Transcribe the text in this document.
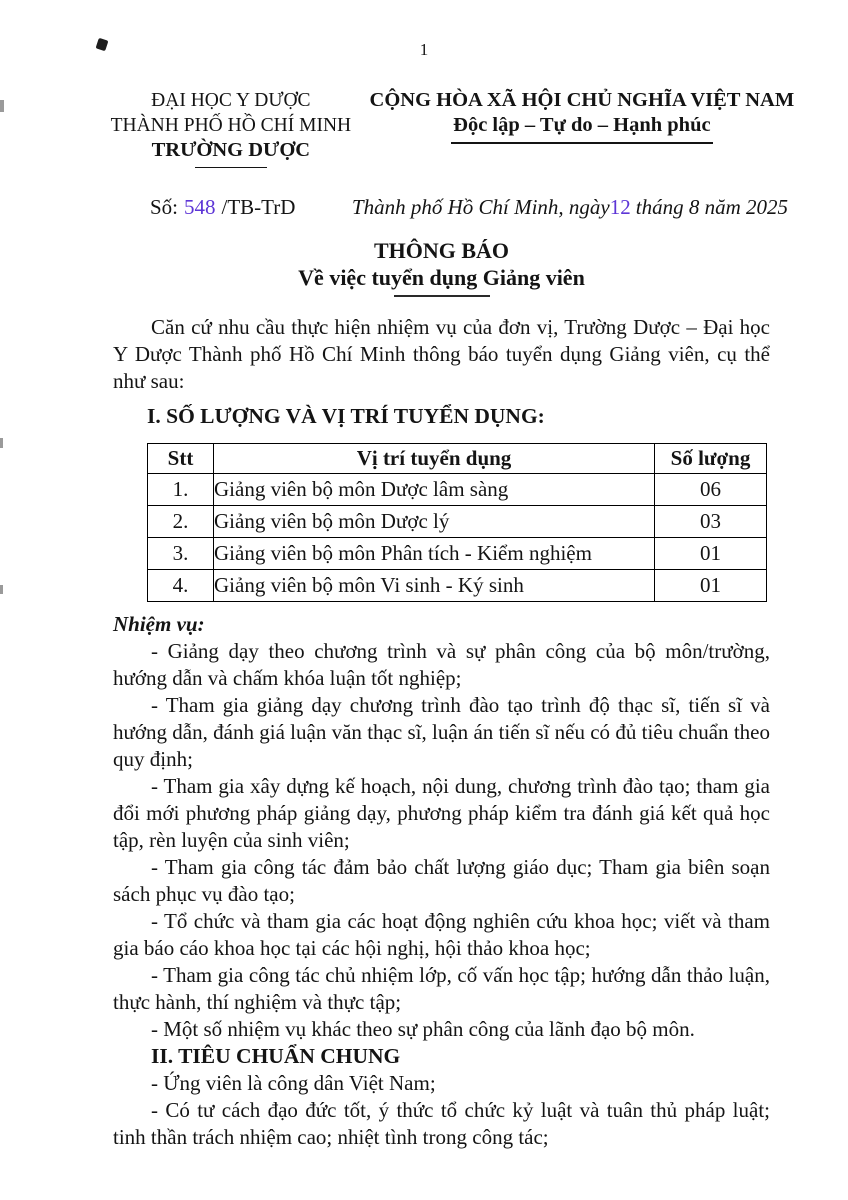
1
ĐẠI HỌC Y DƯỢC
THÀNH PHỐ HỒ CHÍ MINH
TRƯỜNG DƯỢC
CỘNG HÒA XÃ HỘI CHỦ NGHĨA VIỆT NAM
Độc lập – Tự do – Hạnh phúc
Số: 548 /TB-TrD	Thành phố Hồ Chí Minh, ngày12 tháng 8 năm 2025
THÔNG BÁO
Về việc tuyển dụng Giảng viên

Căn cứ nhu cầu thực hiện nhiệm vụ của đơn vị, Trường Dược – Đại học Y Dược Thành phố Hồ Chí Minh thông báo tuyển dụng Giảng viên, cụ thể như sau:

I. SỐ LƯỢNG VÀ VỊ TRÍ TUYỂN DỤNG:
Stt	Vị trí tuyển dụng	Số lượng
1.	Giảng viên bộ môn Dược lâm sàng	06
2.	Giảng viên bộ môn Dược lý	03
3.	Giảng viên bộ môn Phân tích - Kiểm nghiệm	01
4.	Giảng viên bộ môn Vi sinh - Ký sinh	01
Nhiệm vụ:

- Giảng dạy theo chương trình và sự phân công của bộ môn/trường, hướng dẫn và chấm khóa luận tốt nghiệp;

- Tham gia giảng dạy chương trình đào tạo trình độ thạc sĩ, tiến sĩ và hướng dẫn, đánh giá luận văn thạc sĩ, luận án tiến sĩ nếu có đủ tiêu chuẩn theo quy định;

- Tham gia xây dựng kế hoạch, nội dung, chương trình đào tạo; tham gia đổi mới phương pháp giảng dạy, phương pháp kiểm tra đánh giá kết quả học tập, rèn luyện của sinh viên;

- Tham gia công tác đảm bảo chất lượng giáo dục; Tham gia biên soạn sách phục vụ đào tạo;

- Tổ chức và tham gia các hoạt động nghiên cứu khoa học; viết và tham gia báo cáo khoa học tại các hội nghị, hội thảo khoa học;

- Tham gia công tác chủ nhiệm lớp, cố vấn học tập; hướng dẫn thảo luận, thực hành, thí nghiệm và thực tập;

- Một số nhiệm vụ khác theo sự phân công của lãnh đạo bộ môn.

II. TIÊU CHUẨN CHUNG

- Ứng viên là công dân Việt Nam;

- Có tư cách đạo đức tốt, ý thức tổ chức kỷ luật và tuân thủ pháp luật; tinh thần trách nhiệm cao; nhiệt tình trong công tác;
